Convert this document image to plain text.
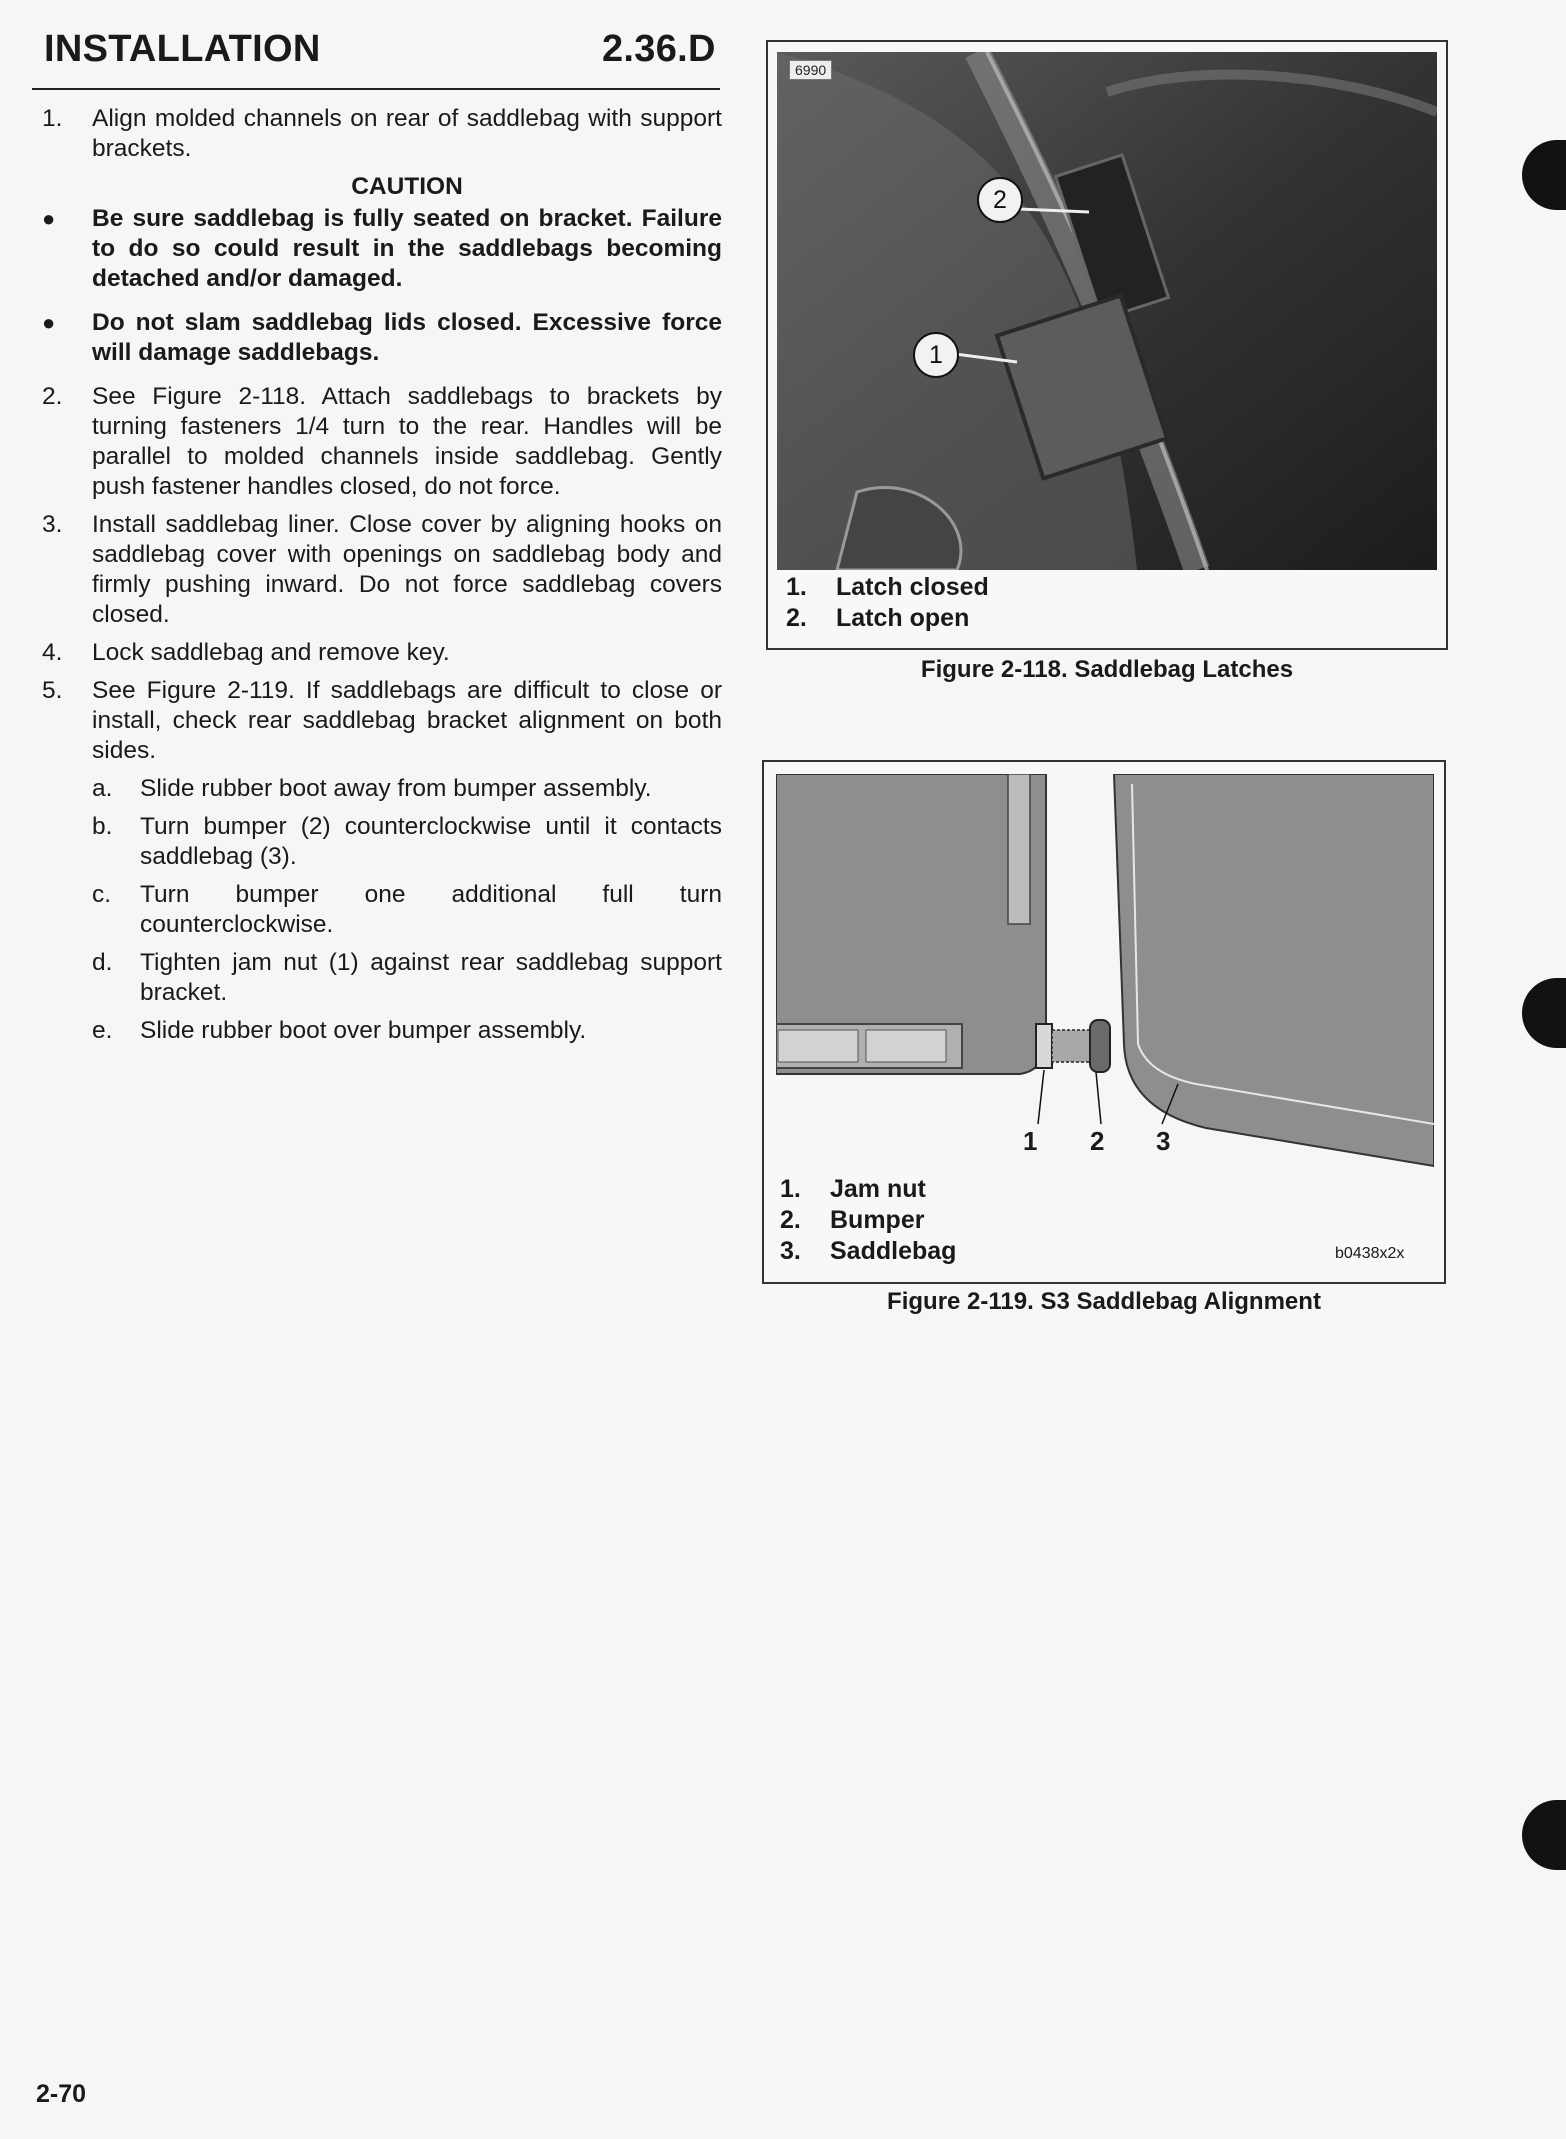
INSTALLATION	2.36.D
1.	Align molded channels on rear of saddlebag with support brackets.
CAUTION
●	Be sure saddlebag is fully seated on bracket. Failure to do so could result in the saddlebags becoming detached and/or damaged.
●	Do not slam saddlebag lids closed. Excessive force will damage saddlebags.
2.	See Figure 2-118. Attach saddlebags to brackets by turning fasteners 1/4 turn to the rear. Handles will be parallel to molded channels inside saddlebag. Gently push fastener handles closed, do not force.
3.	Install saddlebag liner. Close cover by aligning hooks on saddlebag cover with openings on saddlebag body and firmly pushing inward. Do not force saddlebag covers closed.
4.	Lock saddlebag and remove key.
5.	See Figure 2-119. If saddlebags are difficult to close or install, check rear saddlebag bracket alignment on both sides.
a.	Slide rubber boot away from bumper assembly.
b.	Turn bumper (2) counterclockwise until it contacts saddlebag (3).
c.	Turn bumper one additional full turn counterclockwise.
d.	Tighten jam nut (1) against rear saddlebag support bracket.
e.	Slide rubber boot over bumper assembly.
6990
1
2
1.	Latch closed
2.	Latch open
Figure 2-118. Saddlebag Latches
1 2 3
1.	Jam nut
2.	Bumper
3.	Saddlebag	b0438x2x
Figure 2-119. S3 Saddlebag Alignment
2-70
